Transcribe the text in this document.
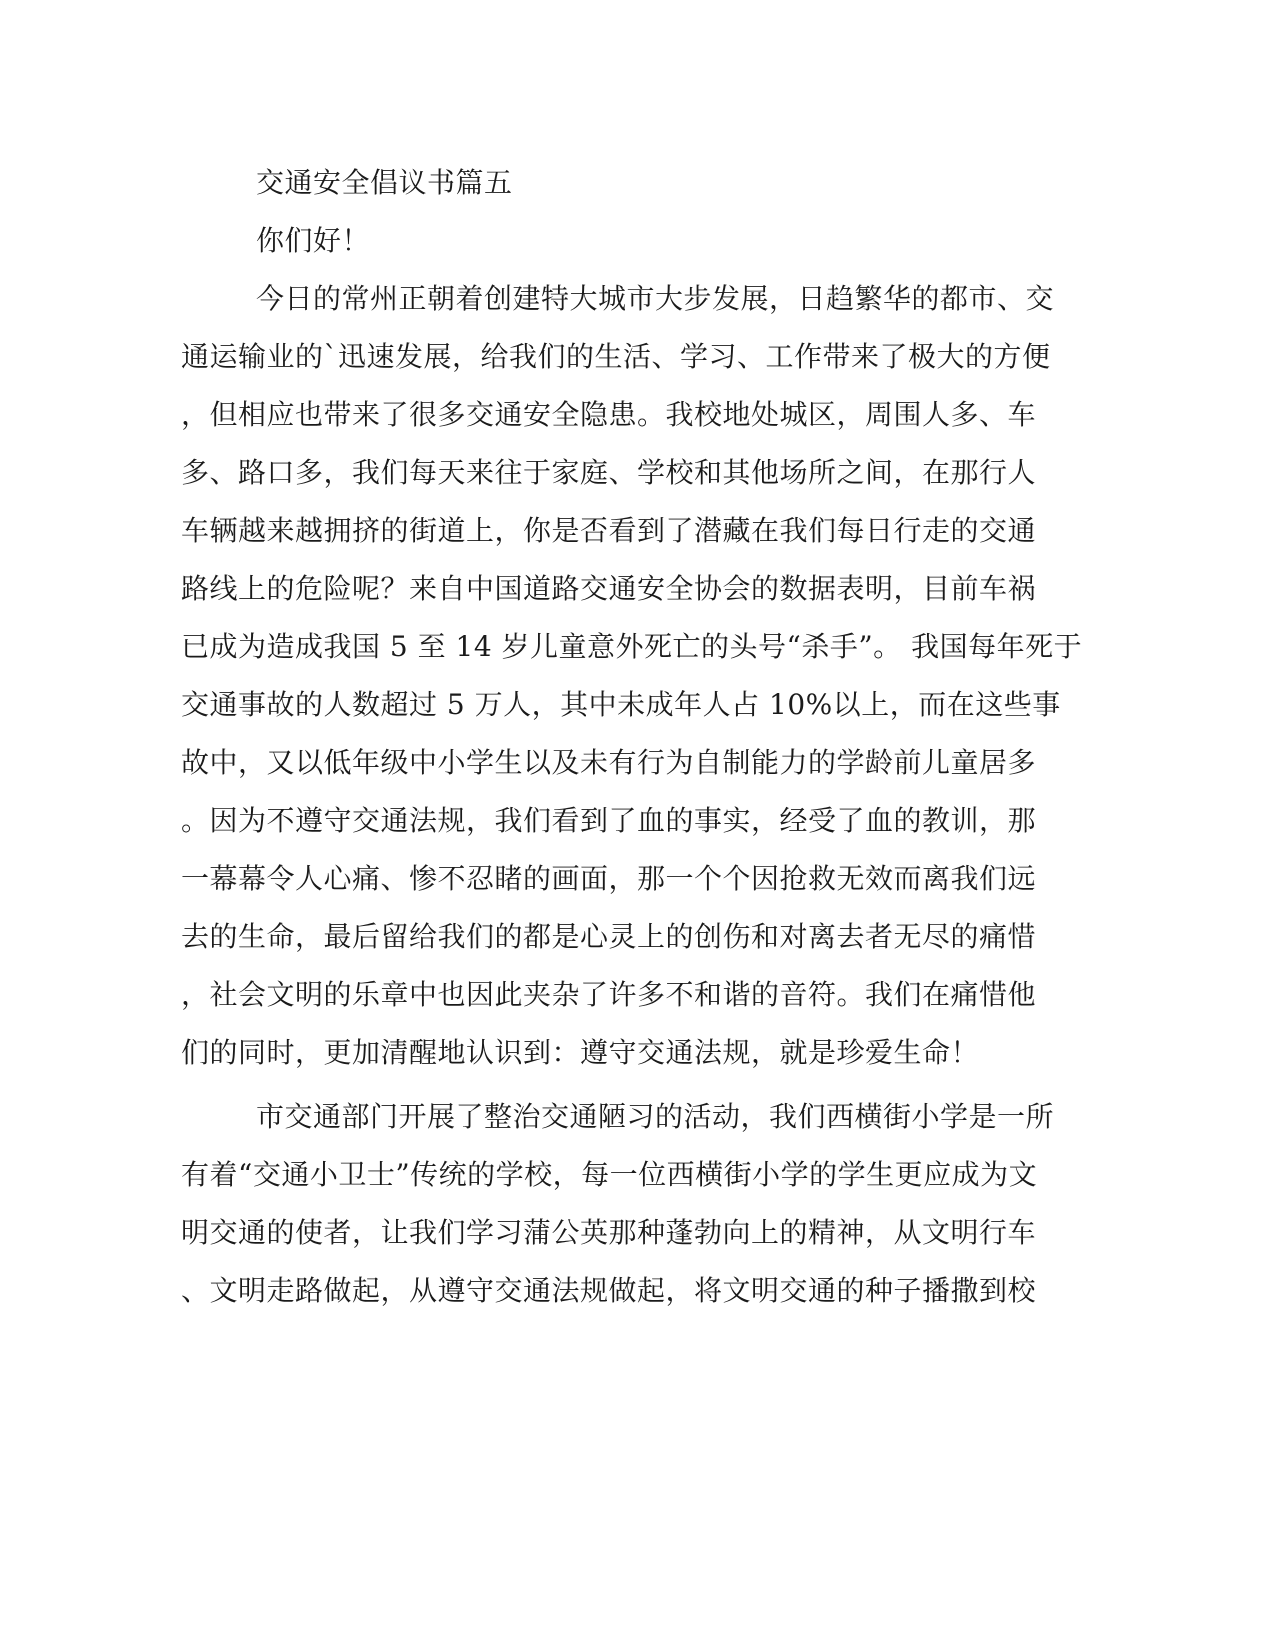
交通安全倡议书篇五
你们好！
今日的常州正朝着创建特大城市大步发展，日趋繁华的都市、交
通运输业的`迅速发展，给我们的生活、学习、工作带来了极大的方便
，但相应也带来了很多交通安全隐患。我校地处城区，周围人多、车
多、路口多，我们每天来往于家庭、学校和其他场所之间，在那行人
车辆越来越拥挤的街道上，你是否看到了潜藏在我们每日行走的交通
路线上的危险呢？来自中国道路交通安全协会的数据表明，目前车祸
已成为造成我国 5 至 14 岁儿童意外死亡的头号“杀手”。 我国每年死于
交通事故的人数超过 5 万人，其中未成年人占 10%以上，而在这些事
故中，又以低年级中小学生以及未有行为自制能力的学龄前儿童居多
。因为不遵守交通法规，我们看到了血的事实，经受了血的教训，那
一幕幕令人心痛、惨不忍睹的画面，那一个个因抢救无效而离我们远
去的生命，最后留给我们的都是心灵上的创伤和对离去者无尽的痛惜
，社会文明的乐章中也因此夹杂了许多不和谐的音符。我们在痛惜他
们的同时，更加清醒地认识到：遵守交通法规，就是珍爱生命！
市交通部门开展了整治交通陋习的活动，我们西横街小学是一所
有着“交通小卫士”传统的学校，每一位西横街小学的学生更应成为文
明交通的使者，让我们学习蒲公英那种蓬勃向上的精神，从文明行车
、文明走路做起，从遵守交通法规做起，将文明交通的种子播撒到校
